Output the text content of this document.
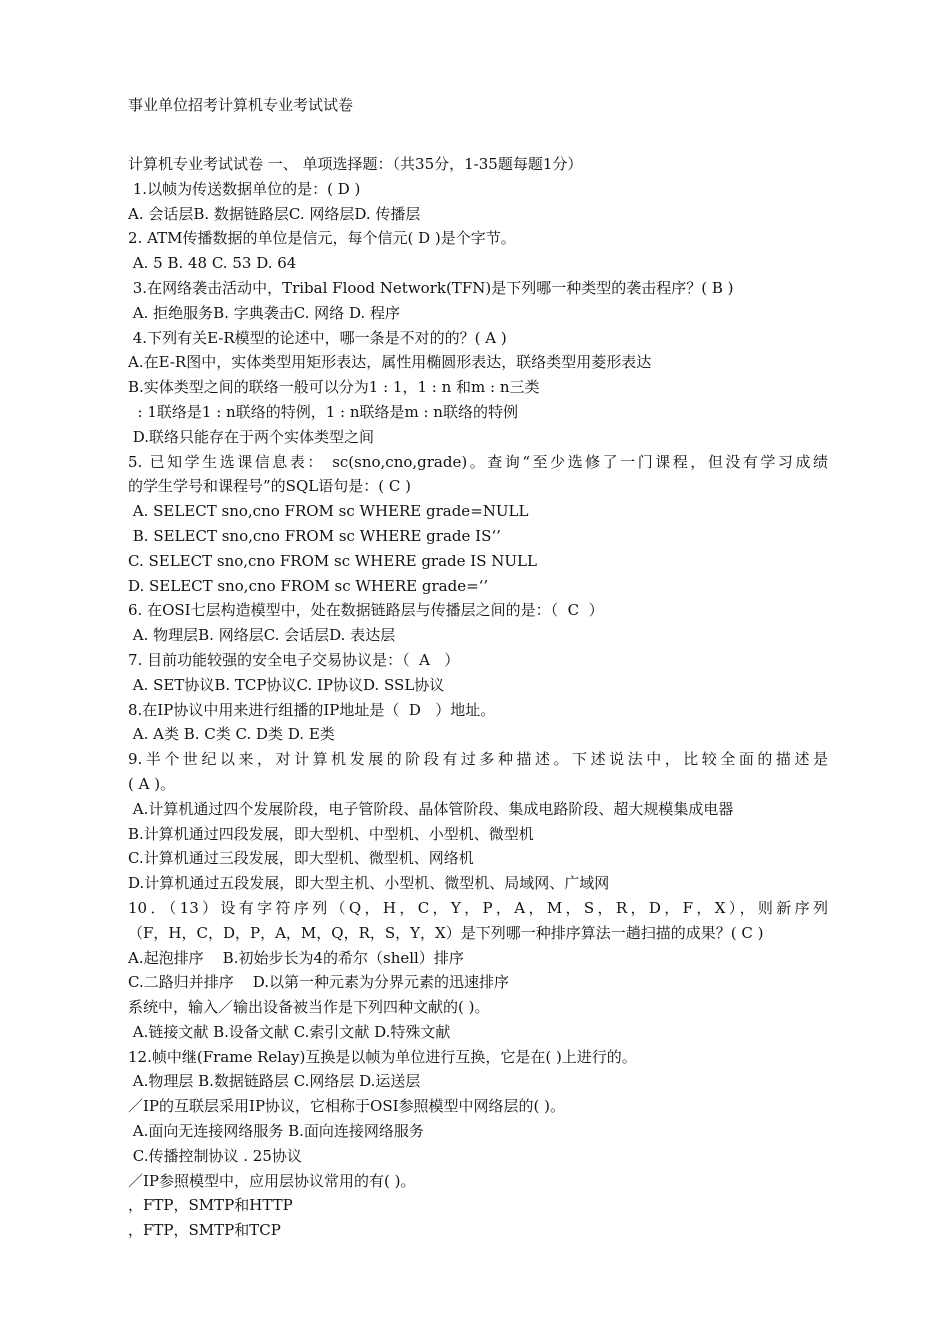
事业单位招考计算机专业考试试卷
计算机专业考试试卷 一、 单项选择题：（共35分，1-35题每题1分）
1.以帧为传送数据单位的是：( D )
A. 会话层B. 数据链路层C. 网络层D. 传播层
2. ATM传播数据的单位是信元，每个信元( D )是个字节。
A. 5 B. 48 C. 53 D. 64
3.在网络袭击活动中，Tribal Flood Network(TFN)是下列哪一种类型的袭击程序？( B )
A. 拒绝服务B. 字典袭击C. 网络 D. 程序
4.下列有关E-R模型的论述中，哪一条是不对的的？( A )
A.在E-R图中，实体类型用矩形表达，属性用椭圆形表达，联络类型用菱形表达
B.实体类型之间的联络一般可以分为1 : 1，1 : n 和m : n三类
: 1联络是1 : n联络的特例，1 : n联络是m : n联络的特例
D.联络只能存在于两个实体类型之间
5. 已知学生选课信息表： sc(sno,cno,grade)。查询“至少选修了一门课程，但没有学习成绩
的学生学号和课程号”的SQL语句是：( C )
A. SELECT sno,cno FROM sc WHERE grade=NULL
B. SELECT sno,cno FROM sc WHERE grade IS‘’
C. SELECT sno,cno FROM sc WHERE grade IS NULL
D. SELECT sno,cno FROM sc WHERE grade=‘’
6. 在OSI七层构造模型中，处在数据链路层与传播层之间的是：（  C  ）
A. 物理层B. 网络层C. 会话层D. 表达层
7. 目前功能较强的安全电子交易协议是：（  A   ）
A. SET协议B. TCP协议C. IP协议D. SSL协议
8.在IP协议中用来进行组播的IP地址是（  D   ）地址。
A. A类 B. C类 C. D类 D. E类
9.半个世纪以来，对计算机发展的阶段有过多种描述。下述说法中，比较全面的描述是
( A )。
A.计算机通过四个发展阶段，电子管阶段、晶体管阶段、集成电路阶段、超大规模集成电器
B.计算机通过四段发展，即大型机、中型机、小型机、微型机
C.计算机通过三段发展，即大型机、微型机、网络机
D.计算机通过五段发展，即大型主机、小型机、微型机、局域网、广域网
10．（13）设有字符序列（Q，H，C，Y，P，A，M，S，R，D，F，X），则新序列
（F，H，C，D，P，A，M，Q，R，S，Y，X）是下列哪一种排序算法一趟扫描的成果？( C )
A.起泡排序    B.初始步长为4的希尔（shell）排序
C.二路归并排序    D.以第一种元素为分界元素的迅速排序
系统中，输入／输出设备被当作是下列四种文献的( )。
A.链接文献 B.设备文献 C.索引文献 D.特殊文献
12.帧中继(Frame Relay)互换是以帧为单位进行互换，它是在( )上进行的。
A.物理层 B.数据链路层 C.网络层 D.运送层
／IP的互联层采用IP协议，它相称于OSI参照模型中网络层的( )。
A.面向无连接网络服务 B.面向连接网络服务
C.传播控制协议 . 25协议
／IP参照模型中，应用层协议常用的有( )。
，FTP，SMTP和HTTP
，FTP，SMTP和TCP
